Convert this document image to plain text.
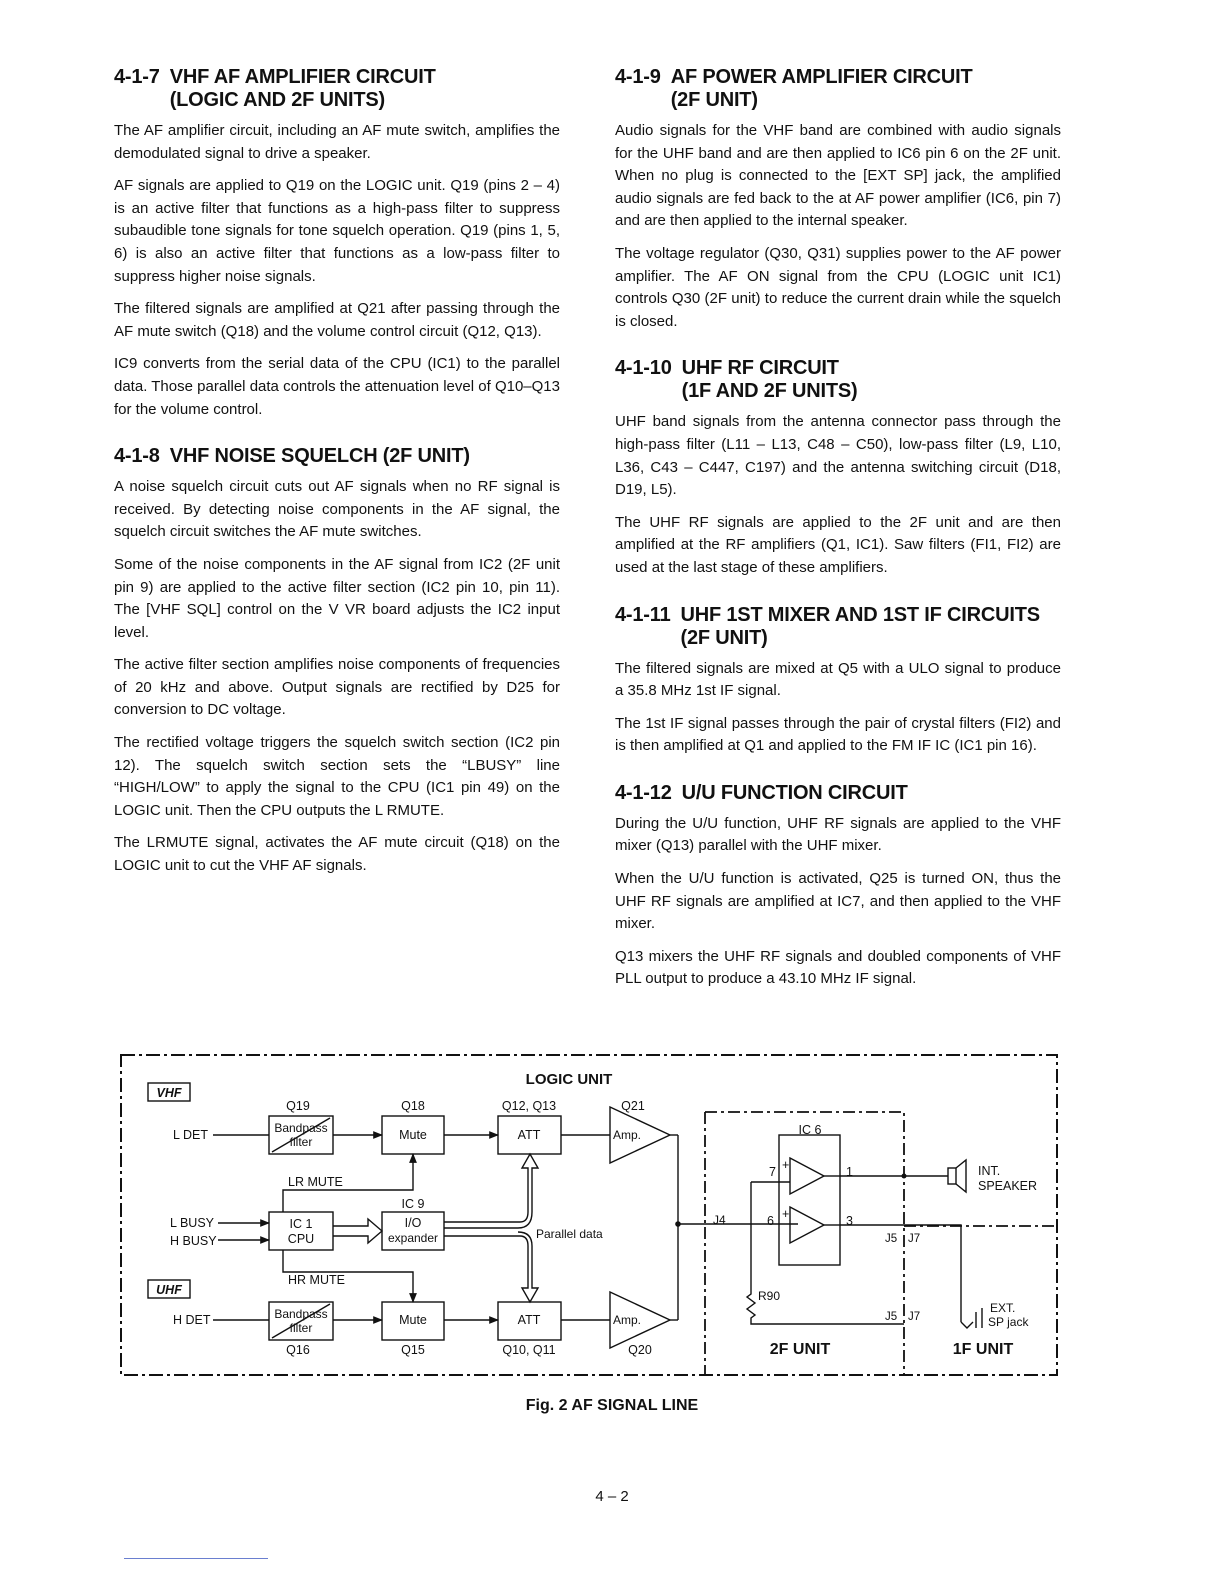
4-1-7 VHF AF AMPLIFIER CIRCUIT
(LOGIC AND 2F UNITS)

The AF amplifier circuit, including an AF mute switch, amplifies the demodulated signal to drive a speaker.

AF signals are applied to Q19 on the LOGIC unit. Q19 (pins 2 – 4) is an active filter that functions as a high-pass filter to suppress subaudible tone signals for tone squelch operation. Q19 (pins 1, 5, 6) is also an active filter that functions as a low-pass filter to suppress higher noise signals.

The filtered signals are amplified at Q21 after passing through the AF mute switch (Q18) and the volume control circuit (Q12, Q13).

IC9 converts from the serial data of the CPU (IC1) to the parallel data. Those parallel data controls the attenuation level of Q10–Q13 for the volume control.

4-1-8 VHF NOISE SQUELCH (2F UNIT)

A noise squelch circuit cuts out AF signals when no RF signal is received. By detecting noise components in the AF signal, the squelch circuit switches the AF mute switches.

Some of the noise components in the AF signal from IC2 (2F unit pin 9) are applied to the active filter section (IC2 pin 10, pin 11). The [VHF SQL] control on the V VR board adjusts the IC2 input level.

The active filter section amplifies noise components of frequencies of 20 kHz and above. Output signals are rectified by D25 for conversion to DC voltage.

The rectified voltage triggers the squelch switch section (IC2 pin 12). The squelch switch section sets the “LBUSY” line “HIGH/LOW” to apply the signal to the CPU (IC1 pin 49) on the LOGIC unit. Then the CPU outputs the L RMUTE.

The LRMUTE signal, activates the AF mute circuit (Q18) on the LOGIC unit to cut the VHF AF signals.

4-1-9 AF POWER AMPLIFIER CIRCUIT
(2F UNIT)

Audio signals for the VHF band are combined with audio signals for the UHF band and are then applied to IC6 pin 6 on the 2F unit. When no plug is connected to the [EXT SP] jack, the amplified audio signals are fed back to the at AF power amplifier (IC6, pin 7) and are then applied to the internal speaker.

The voltage regulator (Q30, Q31) supplies power to the AF power amplifier. The AF ON signal from the CPU (LOGIC unit IC1) controls Q30 (2F unit) to reduce the current drain while the squelch is closed.

4-1-10 UHF RF CIRCUIT
(1F AND 2F UNITS)

UHF band signals from the antenna connector pass through the high-pass filter (L11 – L13, C48 – C50), low-pass filter (L9, L10, L36, C43 – C447, C197) and the antenna switching circuit (D18, D19, L5).

The UHF RF signals are applied to the 2F unit and are then amplified at the RF amplifiers (Q1, IC1). Saw filters (FI1, FI2) are used at the last stage of these amplifiers.

4-1-11 UHF 1ST MIXER AND 1ST IF CIRCUITS
(2F UNIT)

The filtered signals are mixed at Q5 with a ULO signal to produce a 35.8 MHz 1st IF signal.

The 1st IF signal passes through the pair of crystal filters (FI2) and is then amplified at Q1 and applied to the FM IF IC (IC1 pin 16).

4-1-12 U/U FUNCTION CIRCUIT

During the U/U function, UHF RF signals are applied to the VHF mixer (Q13) parallel with the UHF mixer.

When the U/U function is activated, Q25 is turned ON, thus the UHF RF signals are amplified at IC7, and then applied to the VHF mixer.

Q13 mixers the UHF RF signals and doubled components of VHF PLL output to produce a 43.10 MHz IF signal.

LOGIC UNIT
VHF
UHF
L DET
H DET
L BUSY
H BUSY
LR MUTE
HR MUTE
Q19	Q18	Q12, Q13	Q21
Q16	Q15	Q10, Q11	Q20
Bandpass
filter
Bandpass
filter
Mute
Mute
ATT
ATT
Amp.
Amp.
IC 1
CPU
IC 9
I/O
expander	Parallel data
IC 6
7
6
1
3
+
+
J4
J5 J7
J5 J7
R90
INT.
SPEAKER
EXT.
SP jack
2F UNIT	1F UNIT
Fig. 2 AF SIGNAL LINE
4 – 2
